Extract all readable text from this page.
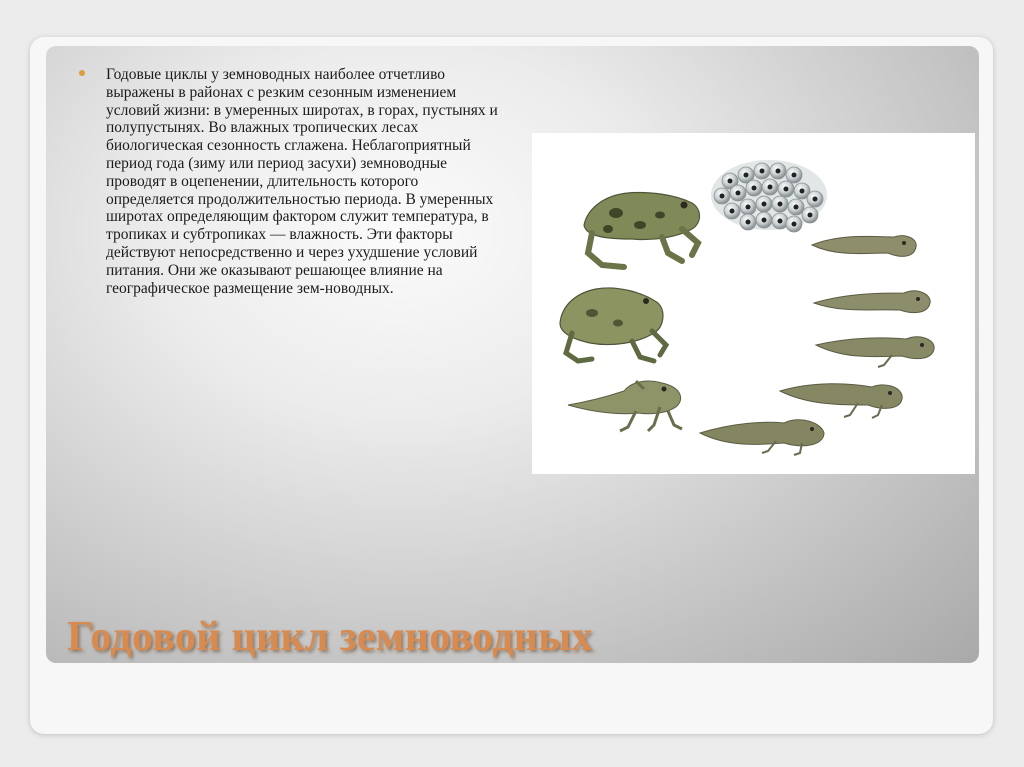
Годовые циклы у земноводных наиболее отчетливо выражены в районах с резким сезонным изменением условий жизни: в умеренных широтах, в горах, пустынях и полупустынях. Во влажных тропических лесах биологическая сезонность сглажена. Неблагоприятный период года (зиму или период засухи) земноводные проводят в оцепенении, длительность которого определяется продолжительностью периода. В умеренных широтах определяющим фактором служит температура, в тропиках и субтропиках — влажность. Эти факторы действуют непосредственно и через ухудшение условий питания. Они же оказывают решающее влияние на географическое размещение зем-новодных.

Годовой цикл земноводных
